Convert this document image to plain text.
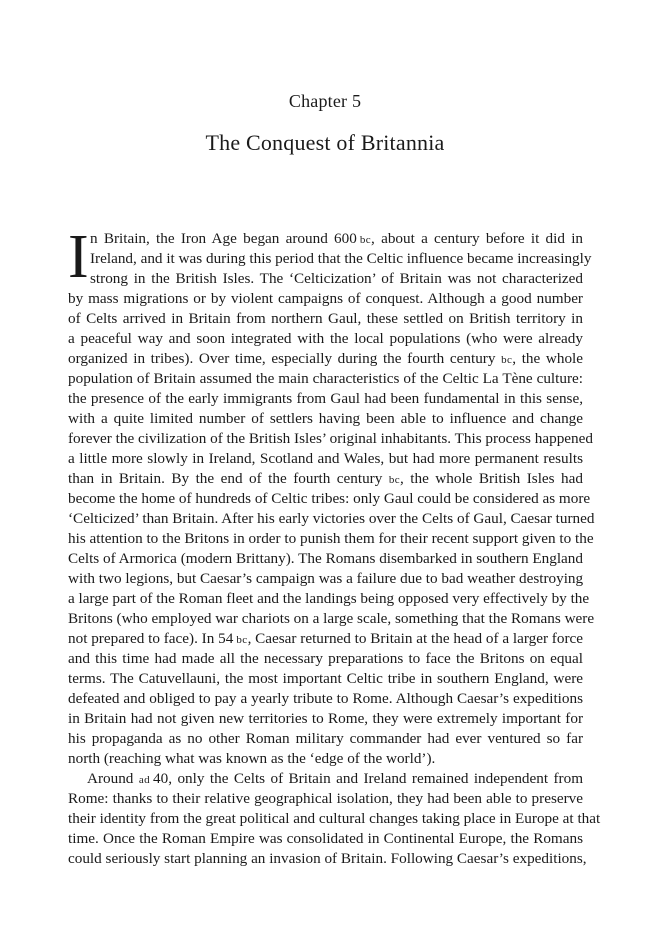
Chapter 5
The Conquest of Britannia
I n Britain, the Iron Age began around 600 bc, about a century before it did in
Ireland, and it was during this period that the Celtic influence became increasingly
strong in the British Isles. The ‘Celticization’ of Britain was not characterized
by mass migrations or by violent campaigns of conquest. Although a good number
of Celts arrived in Britain from northern Gaul, these settled on British territory in
a peaceful way and soon integrated with the local populations (who were already
organized in tribes). Over time, especially during the fourth century bc, the whole
population of Britain assumed the main characteristics of the Celtic La Tène culture:
the presence of the early immigrants from Gaul had been fundamental in this sense,
with a quite limited number of settlers having been able to influence and change
forever the civilization of the British Isles’ original inhabitants. This process happened
a little more slowly in Ireland, Scotland and Wales, but had more permanent results
than in Britain. By the end of the fourth century bc, the whole British Isles had
become the home of hundreds of Celtic tribes: only Gaul could be considered as more
‘Celticized’ than Britain. After his early victories over the Celts of Gaul, Caesar turned
his attention to the Britons in order to punish them for their recent support given to the
Celts of Armorica (modern Brittany). The Romans disembarked in southern England
with two legions, but Caesar’s campaign was a failure due to bad weather destroying
a large part of the Roman fleet and the landings being opposed very effectively by the
Britons (who employed war chariots on a large scale, something that the Romans were
not prepared to face). In 54 bc, Caesar returned to Britain at the head of a larger force
and this time had made all the necessary preparations to face the Britons on equal
terms. The Catuvellauni, the most important Celtic tribe in southern England, were
defeated and obliged to pay a yearly tribute to Rome. Although Caesar’s expeditions
in Britain had not given new territories to Rome, they were extremely important for
his propaganda as no other Roman military commander had ever ventured so far
north (reaching what was known as the ‘edge of the world’).
Around ad 40, only the Celts of Britain and Ireland remained independent from
Rome: thanks to their relative geographical isolation, they had been able to preserve
their identity from the great political and cultural changes taking place in Europe at that
time. Once the Roman Empire was consolidated in Continental Europe, the Romans
could seriously start planning an invasion of Britain. Following Caesar’s expeditions,
